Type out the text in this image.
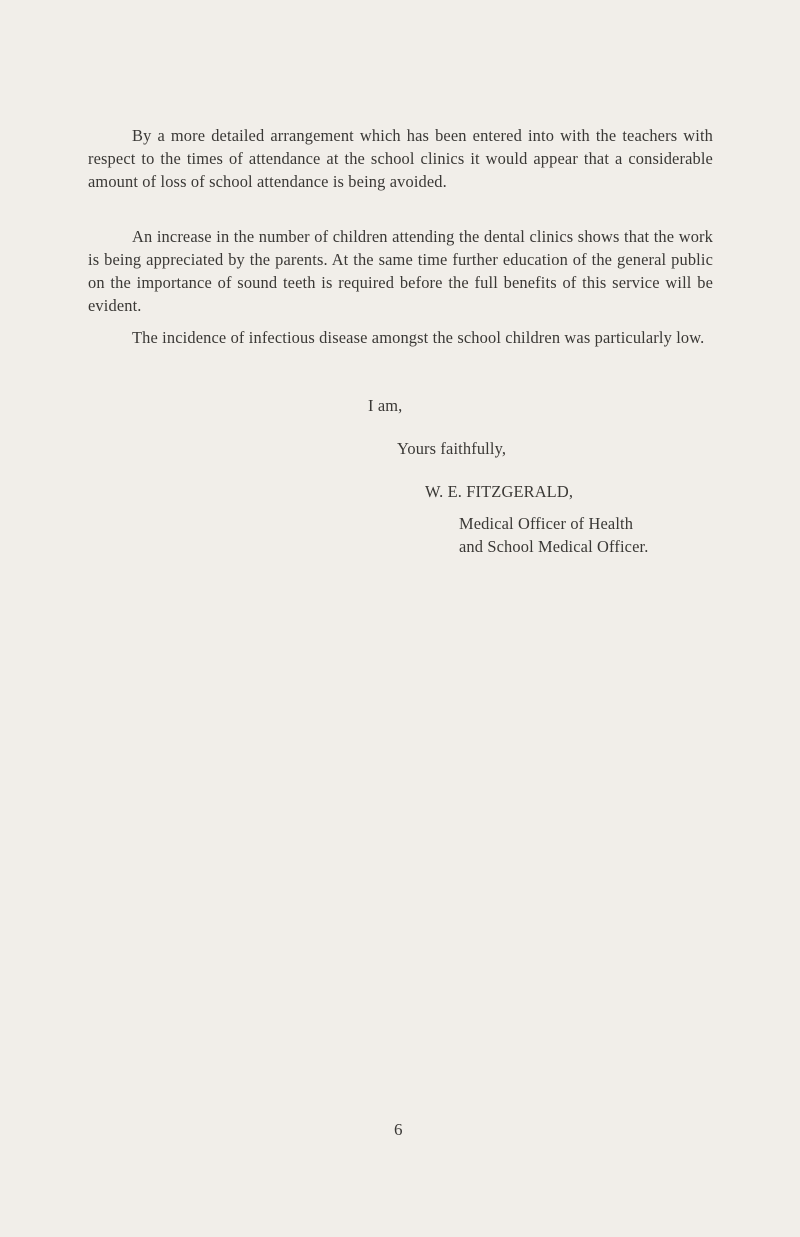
By a more detailed arrangement which has been entered into with the teachers with respect to the times of attendance at the school clinics it would appear that a considerable amount of loss of school attendance is being avoided.

An increase in the number of children attending the dental clinics shows that the work is being appreciated by the parents. At the same time further education of the general public on the importance of sound teeth is required before the full benefits of this service will be evident.

The incidence of infectious disease amongst the school children was particularly low.

I am,

Yours faithfully,

W. E. FITZGERALD,

Medical Officer of Health

and School Medical Officer.

6
